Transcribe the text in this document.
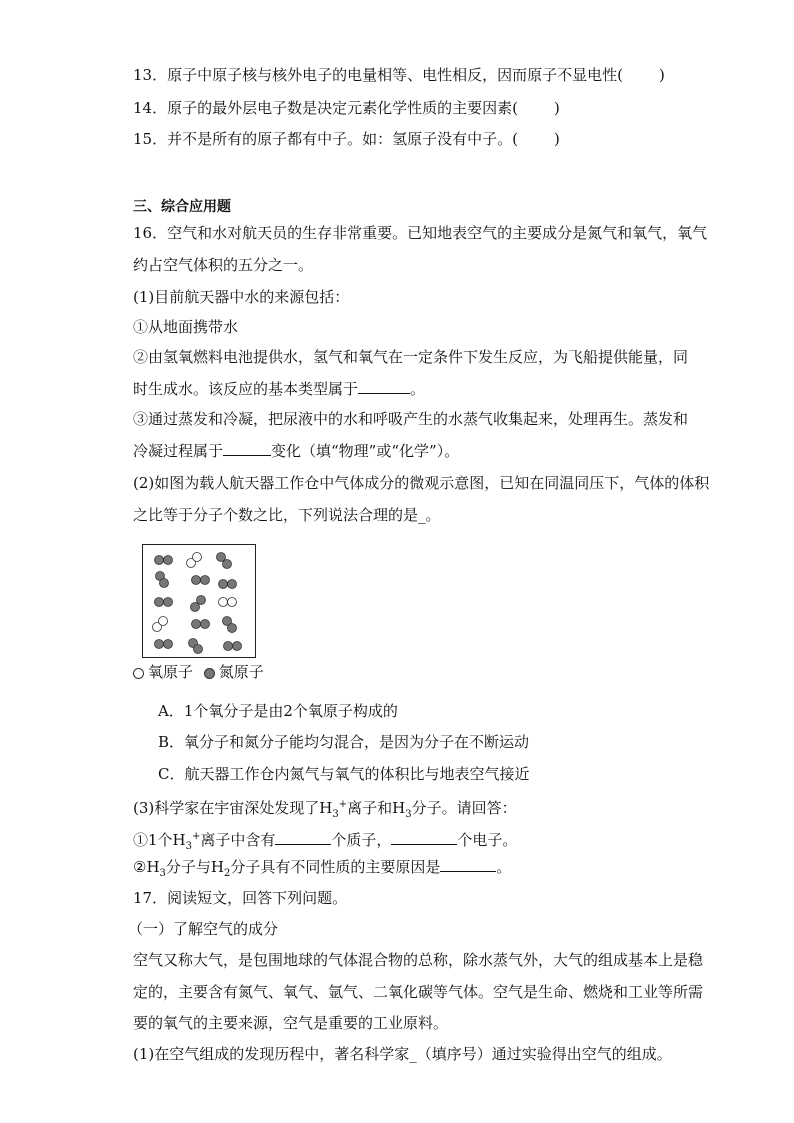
13．原子中原子核与核外电子的电量相等、电性相反，因而原子不显电性( )
14．原子的最外层电子数是决定元素化学性质的主要因素( )
15．并不是所有的原子都有中子。如：氢原子没有中子。( )
三、综合应用题
16．空气和水对航天员的生存非常重要。已知地表空气的主要成分是氮气和氧气，氧气
约占空气体积的五分之一。
(1)目前航天器中水的来源包括：
①从地面携带水
②由氢氧燃料电池提供水，氢气和氧气在一定条件下发生反应，为飞船提供能量，同
时生成水。该反应的基本类型属于	。
③通过蒸发和冷凝，把尿液中的水和呼吸产生的水蒸气收集起来，处理再生。蒸发和
冷凝过程属于	变化（填“物理”或“化学”）。
(2)如图为载人航天器工作仓中气体成分的微观示意图，已知在同温同压下，气体的体积
之比等于分子个数之比，下列说法合理的是_。
氧原子 氮原子
A．1个氧分子是由2个氧原子构成的
B．氧分子和氮分子能均匀混合，是因为分子在不断运动
C．航天器工作仓内氮气与氧气的体积比与地表空气接近
(3)科学家在宇宙深处发现了$H_3^+$离子和$H_3$分子。请回答：
①1个$H_3^+$离子中含有	个质子，	个电子。
$②H_3$分子与$H_2$分子具有不同性质的主要原因是	。
17．阅读短文，回答下列问题。
（一）了解空气的成分
空气又称大气，是包围地球的气体混合物的总称，除水蒸气外，大气的组成基本上是稳
定的，主要含有氮气、氧气、氩气、二氧化碳等气体。空气是生命、燃烧和工业等所需
要的氧气的主要来源，空气是重要的工业原料。
(1)在空气组成的发现历程中，著名科学家_（填序号）通过实验得出空气的组成。
